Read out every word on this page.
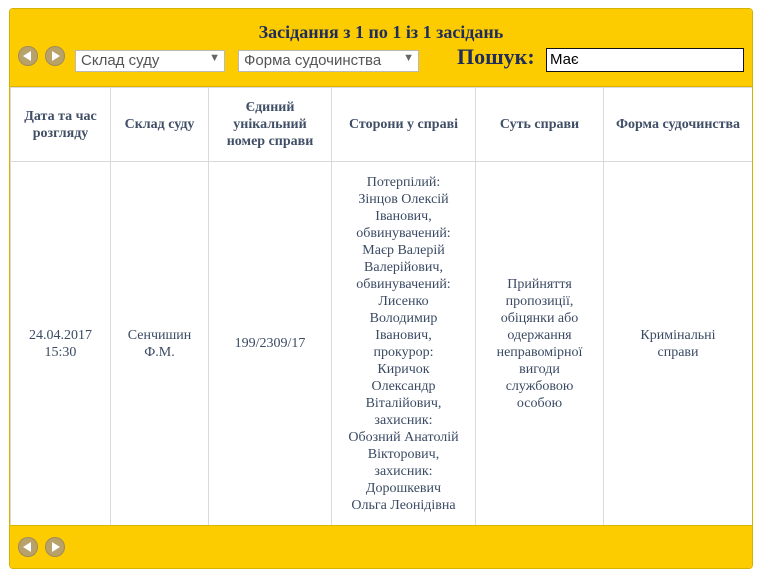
Засідання з 1 по 1 із 1 засідань
Склад суду	▼	Форма судочинства ▼ Пошук: Має
Дата та час розгляду	Склад суду	Єдиний унікальний номер справи	Сторони у справі	Суть справи	Форма судочинства

24.04.2017
15:30	Сенчишин Ф.М.	199/2309/17	Потерпілий: Зінцов Олексій Іванович, обвинувачений: Маєр Валерій Валерійович, обвинувачений: Лисенко Володимир Іванович, прокурор: Киричок Олександр Віталійович, захисник: Обозний Анатолій Вікторович, захисник: Дорошкевич Ольга Леонідівна	Прийняття пропозиції, обіцянки або одержання неправомірної вигоди службовою особою	Кримінальні справи
